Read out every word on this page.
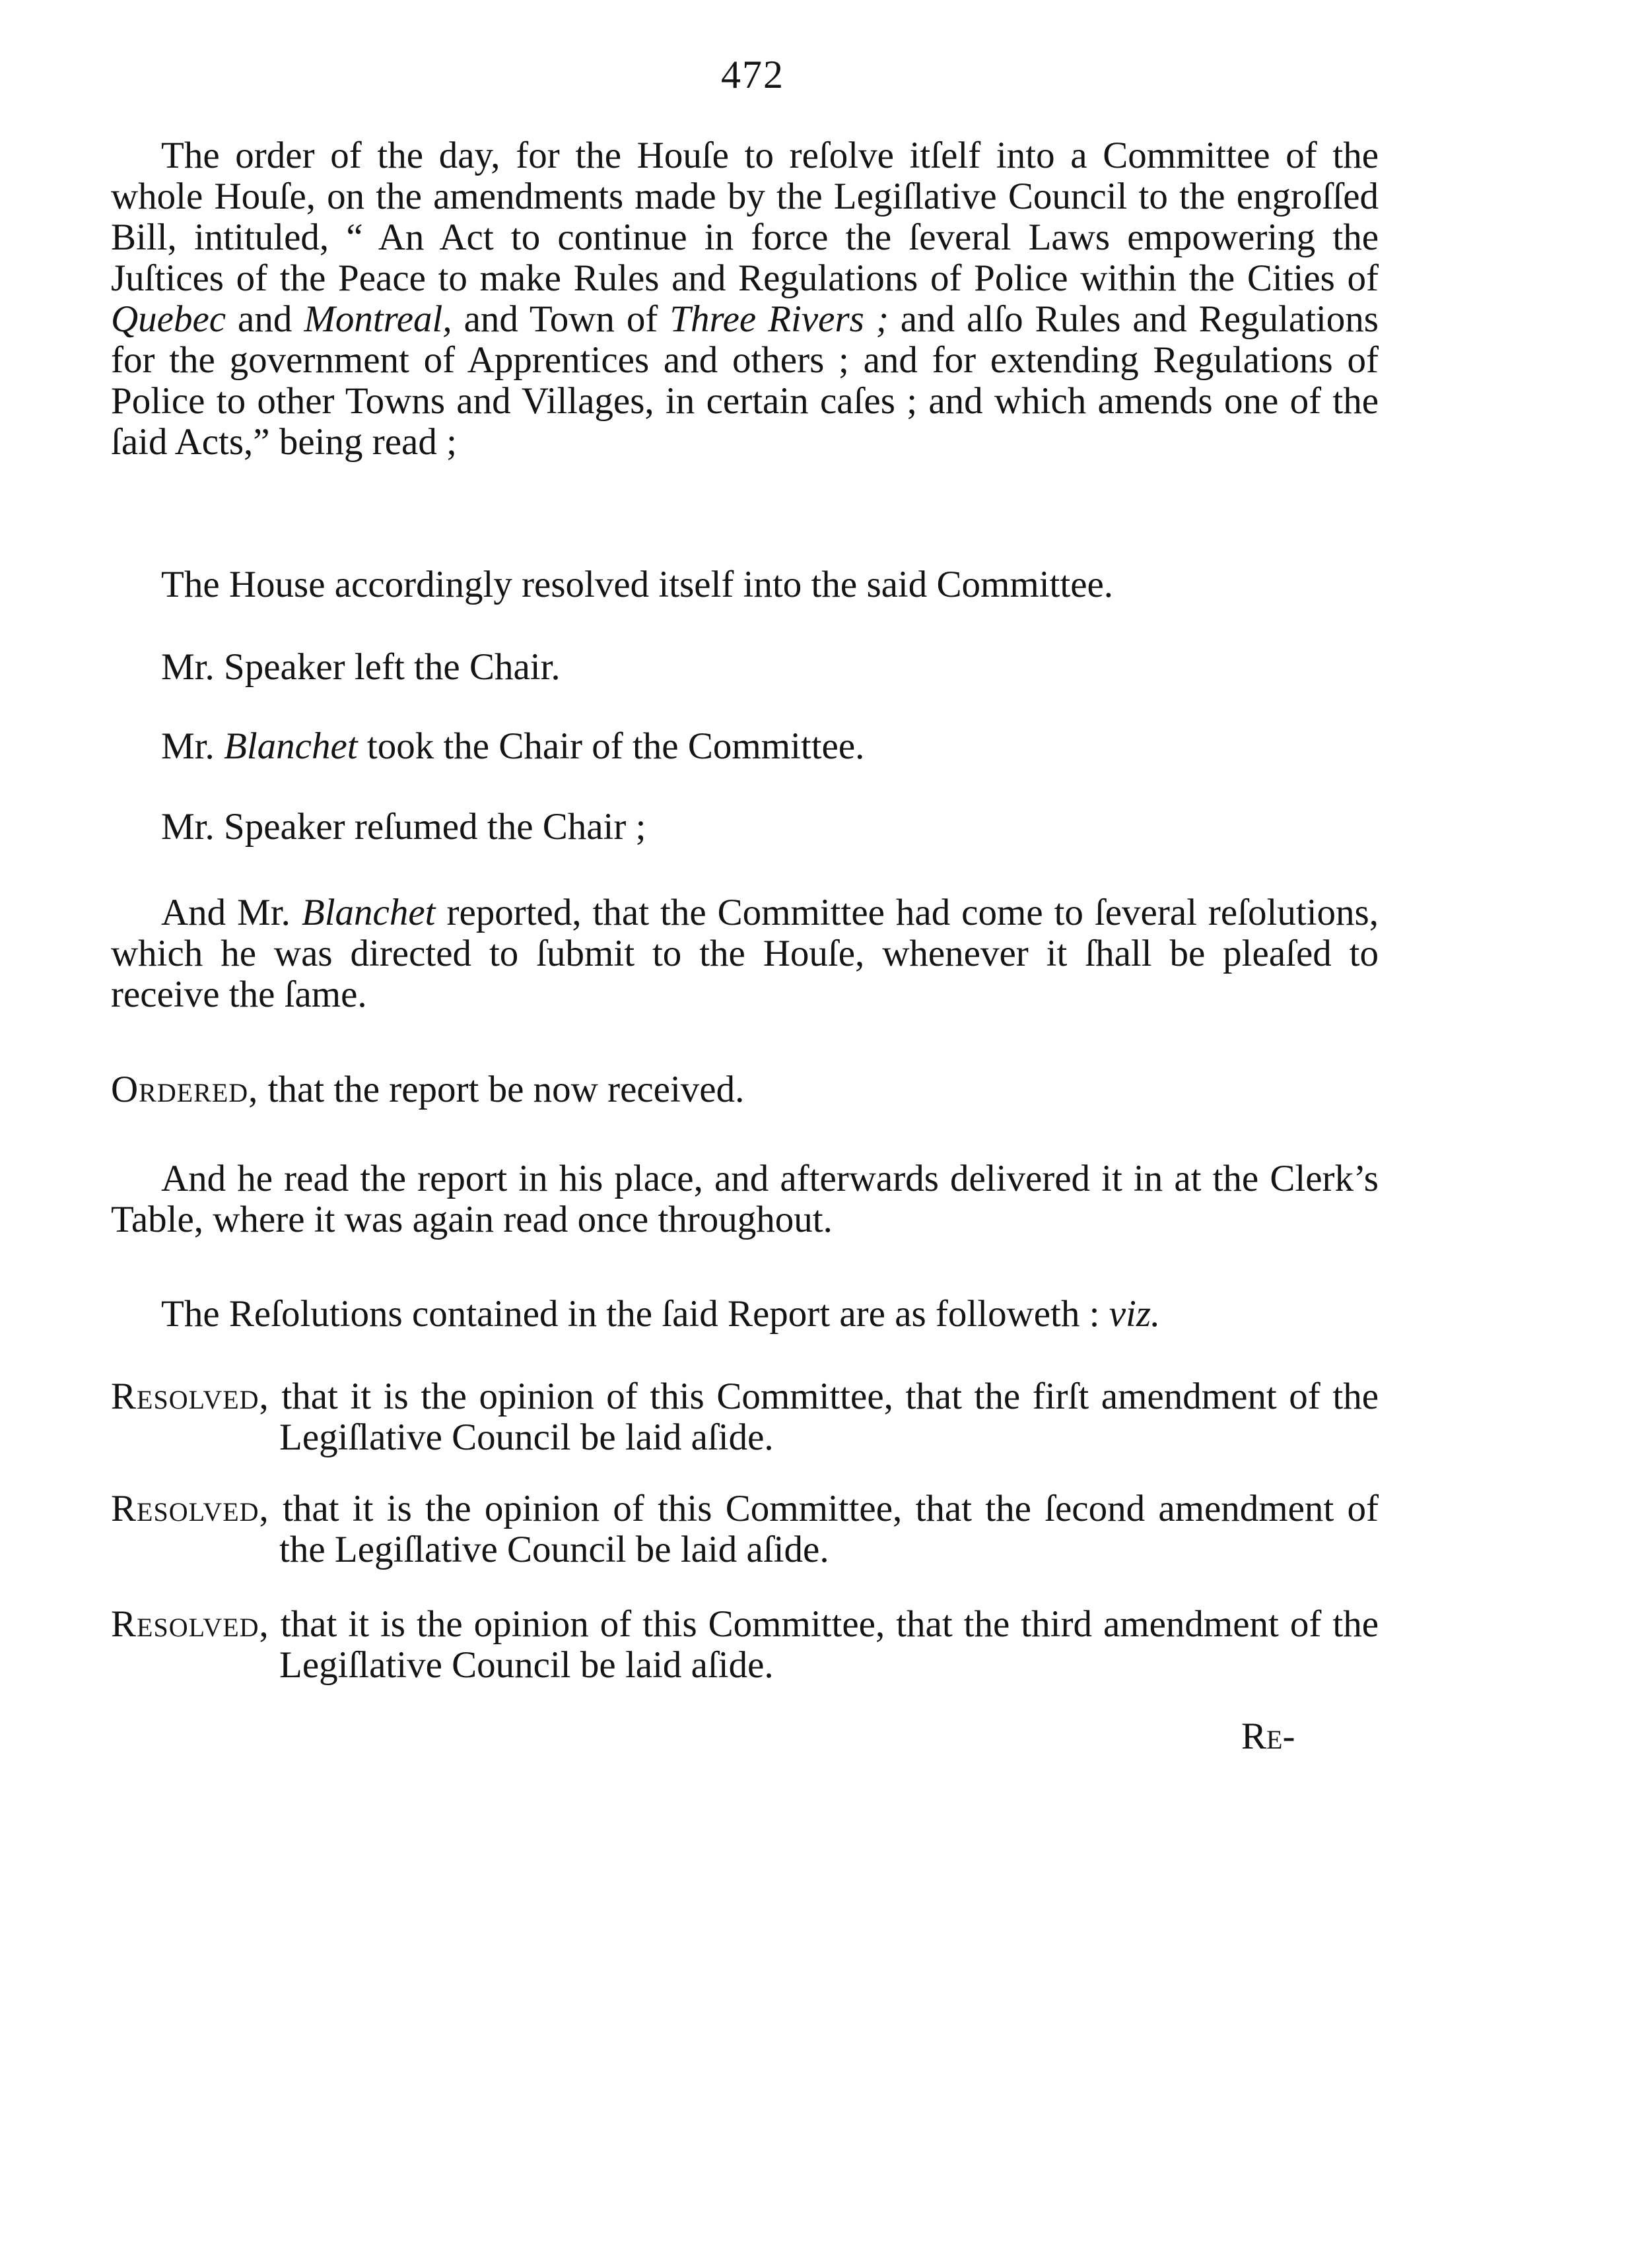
472

The order of the day, for the Houſe to reſolve itſelf into a Committee of the whole Houſe, on the amendments made by the Legiſlative Council to the engroſſed Bill, intituled, “ An Act to continue in force the ſeveral Laws empowering the Juſtices of the Peace to make Rules and Regulations of Police within the Cities of Quebec and Montreal, and Town of Three Rivers ; and alſo Rules and Regulations for the government of Apprentices and others ; and for extending Regulations of Police to other Towns and Villages, in certain caſes ; and which amends one of the ſaid Acts,” being read ;

The House accordingly resolved itself into the said Committee.

Mr. Speaker left the Chair.

Mr. Blanchet took the Chair of the Committee.

Mr. Speaker reſumed the Chair ;

And Mr. Blanchet reported, that the Committee had come to ſeveral reſolutions, which he was directed to ſubmit to the Houſe, whenever it ſhall be pleaſed to receive the ſame.

Ordered, that the report be now received.

And he read the report in his place, and afterwards delivered it in at the Clerk’s Table, where it was again read once throughout.

The Reſolutions contained in the ſaid Report are as followeth : viz.

Resolved, that it is the opinion of this Committee, that the firſt amendment of the Legiſlative Council be laid aſide.

Resolved, that it is the opinion of this Committee, that the ſecond amendment of the Legiſlative Council be laid aſide.

Resolved, that it is the opinion of this Committee, that the third amendment of the Legiſlative Council be laid aſide.

Re-
